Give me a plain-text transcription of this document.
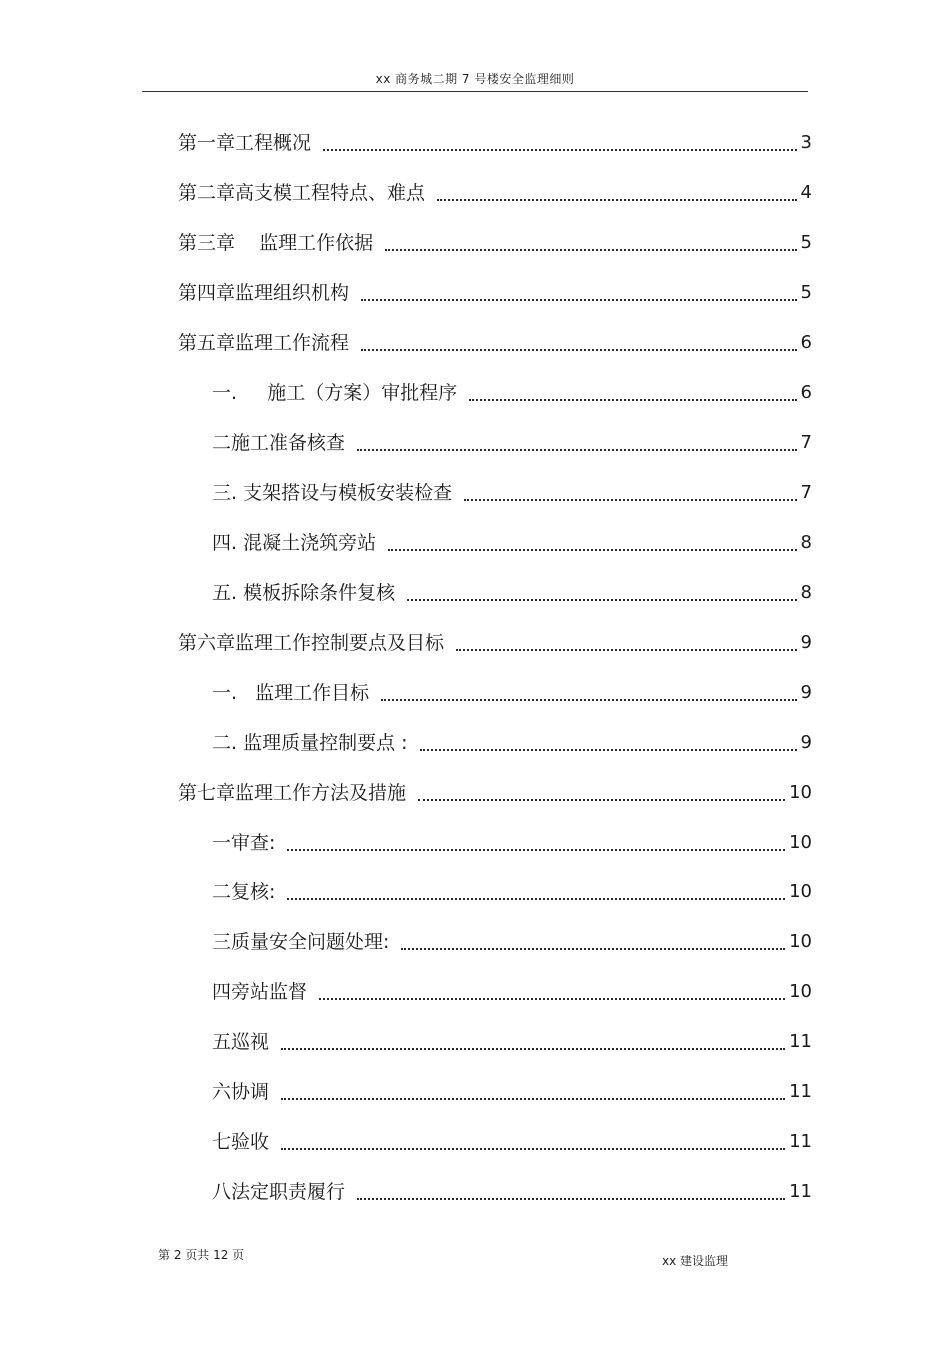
xx 商务城二期 7 号楼安全监理细则
第一章工程概况	3
第二章高支模工程特点、难点	4
第三章    监理工作依据	5
第四章监理组织机构	5
第五章监理工作流程	6
一.     施工（方案）审批程序	6
二施工准备核查	7
三. 支架搭设与模板安装检查	7
四. 混凝土浇筑旁站	8
五. 模板拆除条件复核	8
第六章监理工作控制要点及目标	9
一.   监理工作目标	9
二. 监理质量控制要点 :	9
第七章监理工作方法及措施	10
一审查:	10
二复核:	10
三质量安全问题处理:	10
四旁站监督	10
五巡视	11
六协调	11
七验收	11
八法定职责履行	11
第 2 页共 12 页	xx 建设监理
